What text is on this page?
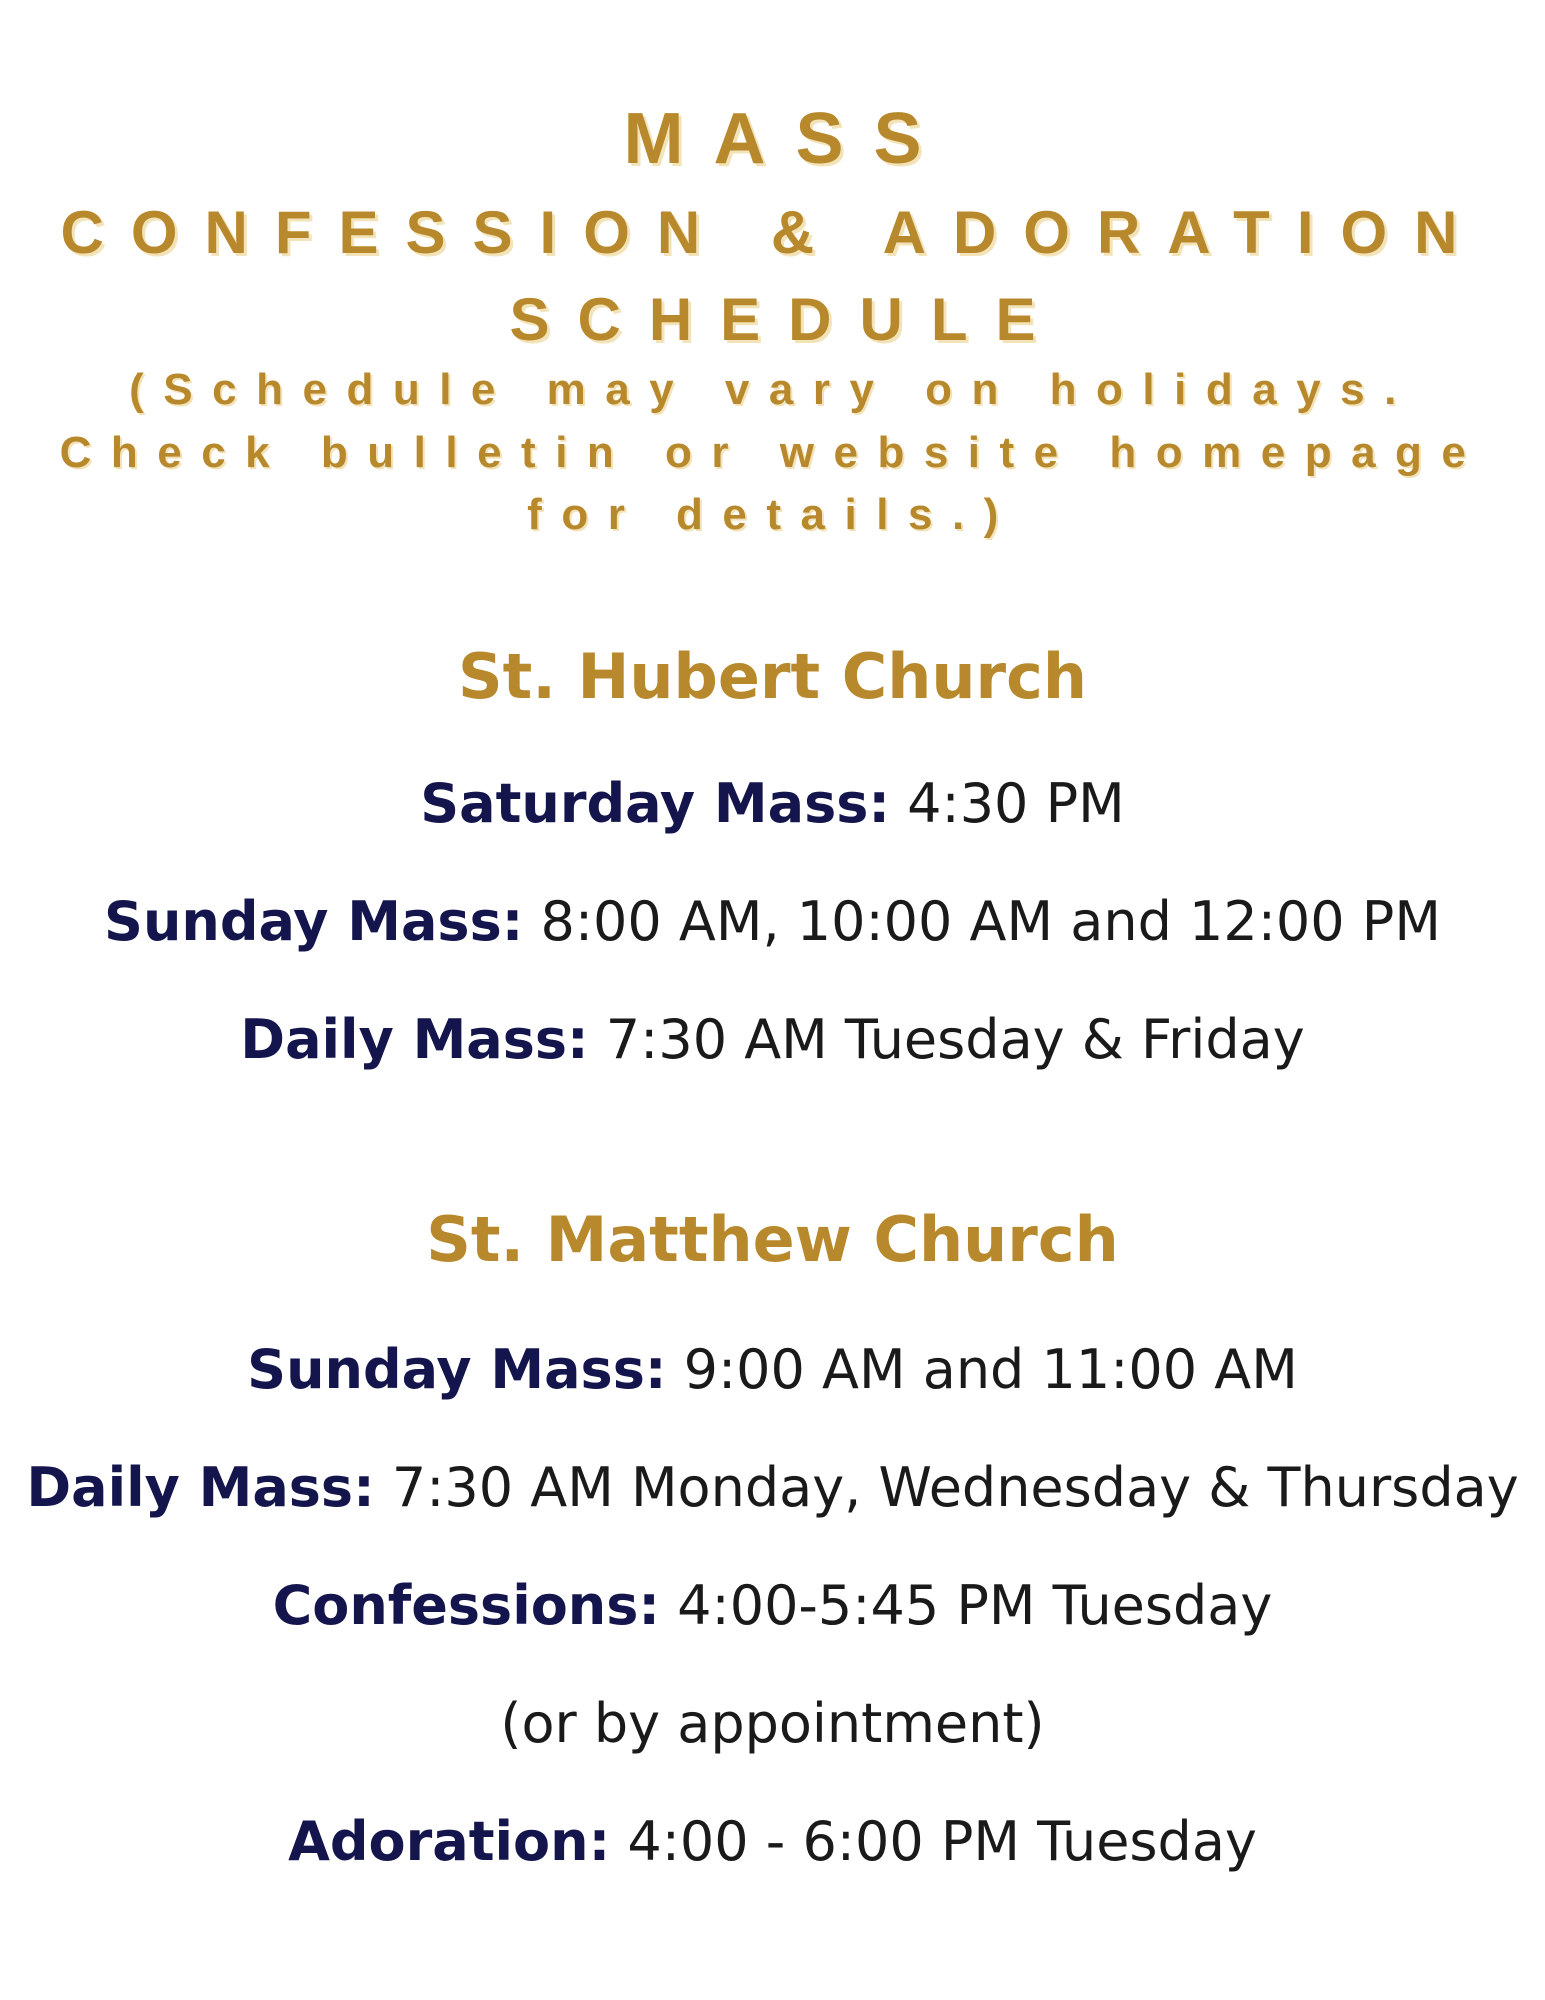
MASS
CONFESSION & ADORATION
SCHEDULE
(Schedule may vary on holidays.
Check bulletin or website homepage
for details.)
St. Hubert Church
Saturday Mass: 4:30 PM
Sunday Mass: 8:00 AM, 10:00 AM and 12:00 PM
Daily Mass: 7:30 AM Tuesday & Friday
St. Matthew Church
Sunday Mass: 9:00 AM and 11:00 AM
Daily Mass: 7:30 AM Monday, Wednesday & Thursday
Confessions: 4:00-5:45 PM Tuesday
(or by appointment)
Adoration: 4:00 - 6:00 PM Tuesday
